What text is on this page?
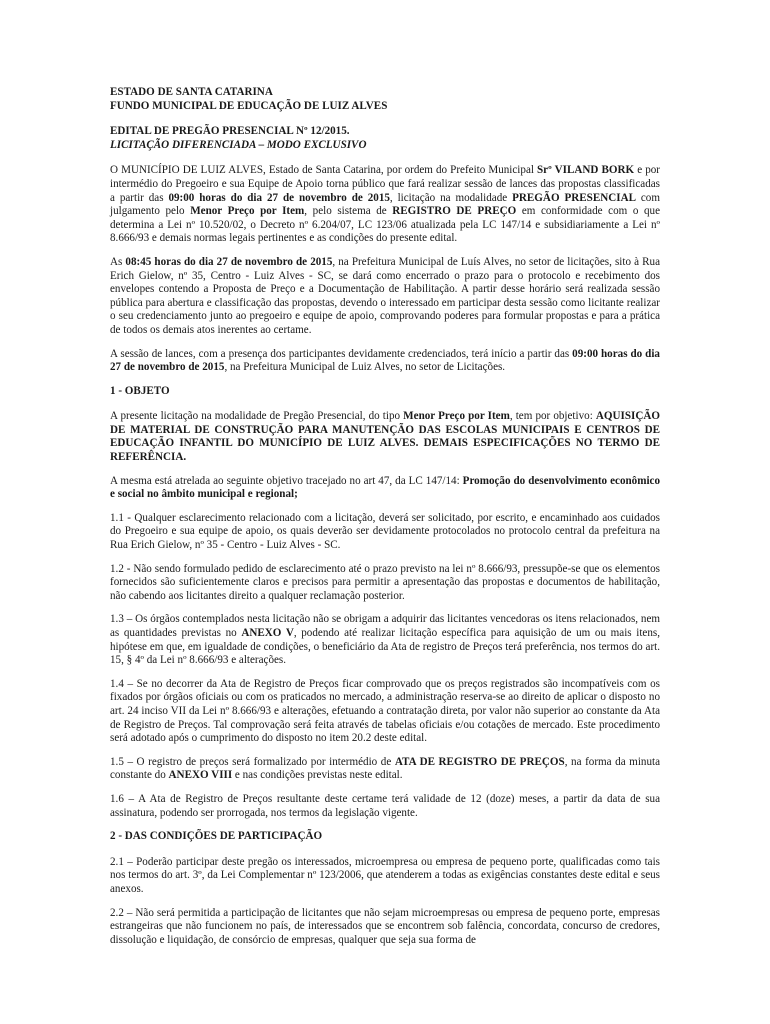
ESTADO DE SANTA CATARINA
FUNDO MUNICIPAL DE EDUCAÇÃO DE LUIZ ALVES
EDITAL DE PREGÃO PRESENCIAL Nº 12/2015.
LICITAÇÃO DIFERENCIADA – MODO EXCLUSIVO

O MUNICÍPIO DE LUIZ ALVES, Estado de Santa Catarina, por ordem do Prefeito Municipal Srº VILAND BORK e por intermédio do Pregoeiro e sua Equipe de Apoio torna público que fará realizar sessão de lances das propostas classificadas a partir das 09:00 horas do dia 27 de novembro de 2015, licitação na modalidade PREGÃO PRESENCIAL com julgamento pelo Menor Preço por Item, pelo sistema de REGISTRO DE PREÇO em conformidade com o que determina a Lei nº 10.520/02, o Decreto nº 6.204/07, LC 123/06 atualizada pela LC 147/14 e subsidiariamente a Lei nº 8.666/93 e demais normas legais pertinentes e as condições do presente edital.

As 08:45 horas do dia 27 de novembro de 2015, na Prefeitura Municipal de Luís Alves, no setor de licitações, sito à Rua Erich Gielow, nº 35, Centro - Luiz Alves - SC, se dará como encerrado o prazo para o protocolo e recebimento dos envelopes contendo a Proposta de Preço e a Documentação de Habilitação. A partir desse horário será realizada sessão pública para abertura e classificação das propostas, devendo o interessado em participar desta sessão como licitante realizar o seu credenciamento junto ao pregoeiro e equipe de apoio, comprovando poderes para formular propostas e para a prática de todos os demais atos inerentes ao certame.

A sessão de lances, com a presença dos participantes devidamente credenciados, terá início a partir das 09:00 horas do dia 27 de novembro de 2015, na Prefeitura Municipal de Luiz Alves, no setor de Licitações.

1 - OBJETO

A presente licitação na modalidade de Pregão Presencial, do tipo Menor Preço por Item, tem por objetivo: AQUISIÇÃO DE MATERIAL DE CONSTRUÇÃO PARA MANUTENÇÃO DAS ESCOLAS MUNICIPAIS E CENTROS DE EDUCAÇÃO INFANTIL DO MUNICÍPIO DE LUIZ ALVES. DEMAIS ESPECIFICAÇÕES NO TERMO DE REFERÊNCIA.

A mesma está atrelada ao seguinte objetivo tracejado no art 47, da LC 147/14: Promoção do desenvolvimento econômico e social no âmbito municipal e regional;

1.1 - Qualquer esclarecimento relacionado com a licitação, deverá ser solicitado, por escrito, e encaminhado aos cuidados do Pregoeiro e sua equipe de apoio, os quais deverão ser devidamente protocolados no protocolo central da prefeitura na Rua Erich Gielow, nº 35 - Centro - Luiz Alves - SC.

1.2 - Não sendo formulado pedido de esclarecimento até o prazo previsto na lei nº 8.666/93, pressupõe-se que os elementos fornecidos são suficientemente claros e precisos para permitir a apresentação das propostas e documentos de habilitação, não cabendo aos licitantes direito a qualquer reclamação posterior.

1.3 – Os órgãos contemplados nesta licitação não se obrigam a adquirir das licitantes vencedoras os itens relacionados, nem as quantidades previstas no ANEXO V, podendo até realizar licitação específica para aquisição de um ou mais itens, hipótese em que, em igualdade de condições, o beneficiário da Ata de registro de Preços terá preferência, nos termos do art. 15, § 4º da Lei nº 8.666/93 e alterações.

1.4 – Se no decorrer da Ata de Registro de Preços ficar comprovado que os preços registrados são incompatíveis com os fixados por órgãos oficiais ou com os praticados no mercado, a administração reserva-se ao direito de aplicar o disposto no art. 24 inciso VII da Lei nº 8.666/93 e alterações, efetuando a contratação direta, por valor não superior ao constante da Ata de Registro de Preços. Tal comprovação será feita através de tabelas oficiais e/ou cotações de mercado. Este procedimento será adotado após o cumprimento do disposto no item 20.2 deste edital.

1.5 – O registro de preços será formalizado por intermédio de ATA DE REGISTRO DE PREÇOS, na forma da minuta constante do ANEXO VIII e nas condições previstas neste edital.

1.6 – A Ata de Registro de Preços resultante deste certame terá validade de 12 (doze) meses, a partir da data de sua assinatura, podendo ser prorrogada, nos termos da legislação vigente.

2 - DAS CONDIÇÕES DE PARTICIPAÇÃO

2.1 – Poderão participar deste pregão os interessados, microempresa ou empresa de pequeno porte, qualificadas como tais nos termos do art. 3º, da Lei Complementar nº 123/2006, que atenderem a todas as exigências constantes deste edital e seus anexos.

2.2 – Não será permitida a participação de licitantes que não sejam microempresas ou empresa de pequeno porte, empresas estrangeiras que não funcionem no país, de interessados que se encontrem sob falência, concordata, concurso de credores, dissolução e liquidação, de consórcio de empresas, qualquer que seja sua forma de
